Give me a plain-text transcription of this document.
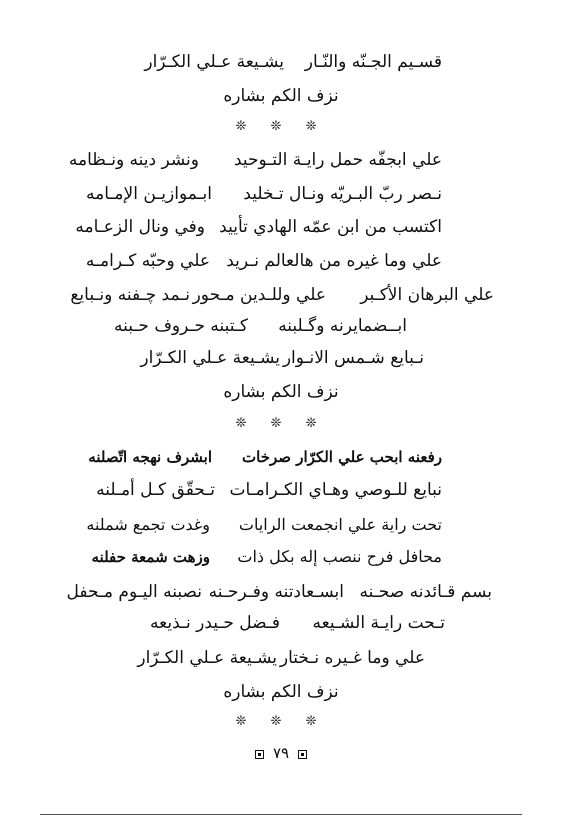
قسـيم الجـنّه والنّـار
يشـيعة عـلي الكـرّار
نزف الكم بشاره
❊ ❊ ❊
علي ابجفّه حمل رايـة التـوحيد
ونشر دينه ونـظامه
نـصر ربّ البـريّه ونـال تـخليد
ابـموازيـن الإمـامه
اكتسب من ابن عمّه الهادي تأييد
وفي ونال الزعـامه
علي وما غيره من هالعالم نـريد
علي وحبّه كـرامـه
علي البرهان الأكـبر
علي وللـدين مـحور
نـمد چـفنه ونـبايع
ابــضمايرنه وگـلبنه
كـتبنه حـروف حـبنه
نـبايع شـمس الانـوار
يشـيعة عـلي الكـرّار
نزف الكم بشاره
❊ ❊ ❊
رفعنه ابحب علي الكرّار صرخات
ابشرف نهجه اتّصلنه
نبايع للـوصي وهـاي الكـرامـات
تـحقّق كـل أمـلنه
تحت راية علي انجمعت الرايات
وغدت تجمع شملنه
محافل فرح ننصب إله بكل ذات
وزهت شمعة حفلنه
بسم قـائدنه صحـنه
ابسـعادتنه وفـرحـنه
نصبنه اليـوم مـحفل
تـحت رايـة الشـيعه
فـضل حـيدر نـذيعه
علي وما غـيره نـختار
يشـيعة عـلي الكـرّار
نزف الكم بشاره
❊ ❊ ❊
٧٩
